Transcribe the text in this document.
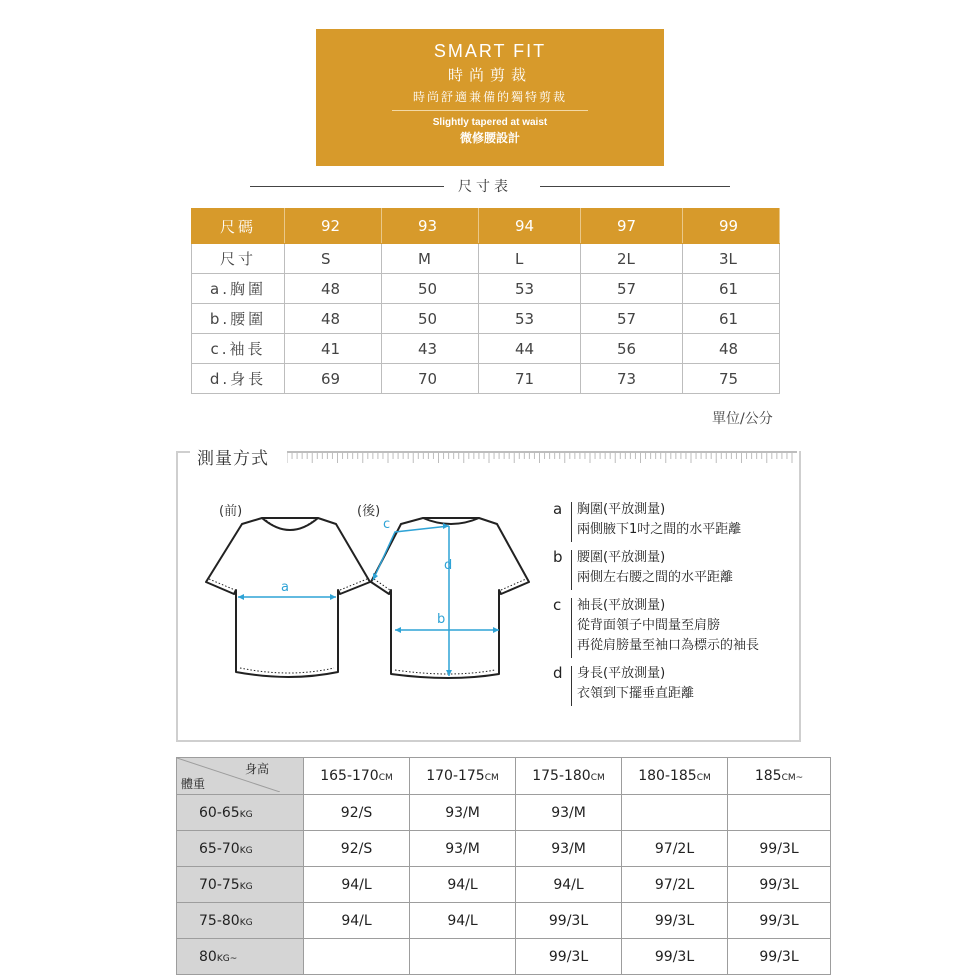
SMART FIT
時尚剪裁
時尚舒適兼備的獨特剪裁
Slightly tapered at waist
微修腰設計
尺寸表
尺碼	92	93	94	97	99
尺寸	S	M	L	2L	3L
a.胸圍	48	50	53	57	61
b.腰圍	48	50	53	57	61
c.袖長	41	43	44	56	48
d.身長	69	70	71	73	75
單位/公分
測量方式
(前)	(後)
a
c
d
b
a	胸圍(平放測量)
兩側腋下1吋之間的水平距離
b	腰圍(平放測量)
兩側左右腰之間的水平距離
c	袖長(平放測量)
從背面領子中間量至肩膀
再從肩膀量至袖口為標示的袖長
d	身長(平放測量)
衣領到下擺垂直距離
身高
體重	165-170CM	170-175CM	175-180CM	180-185CM	185CM~
60-65KG	92/S	93/M	93/M		
65-70KG	92/S	93/M	93/M	97/2L	99/3L
70-75KG	94/L	94/L	94/L	97/2L	99/3L
75-80KG	94/L	94/L	99/3L	99/3L	99/3L
80KG~			99/3L	99/3L	99/3L
